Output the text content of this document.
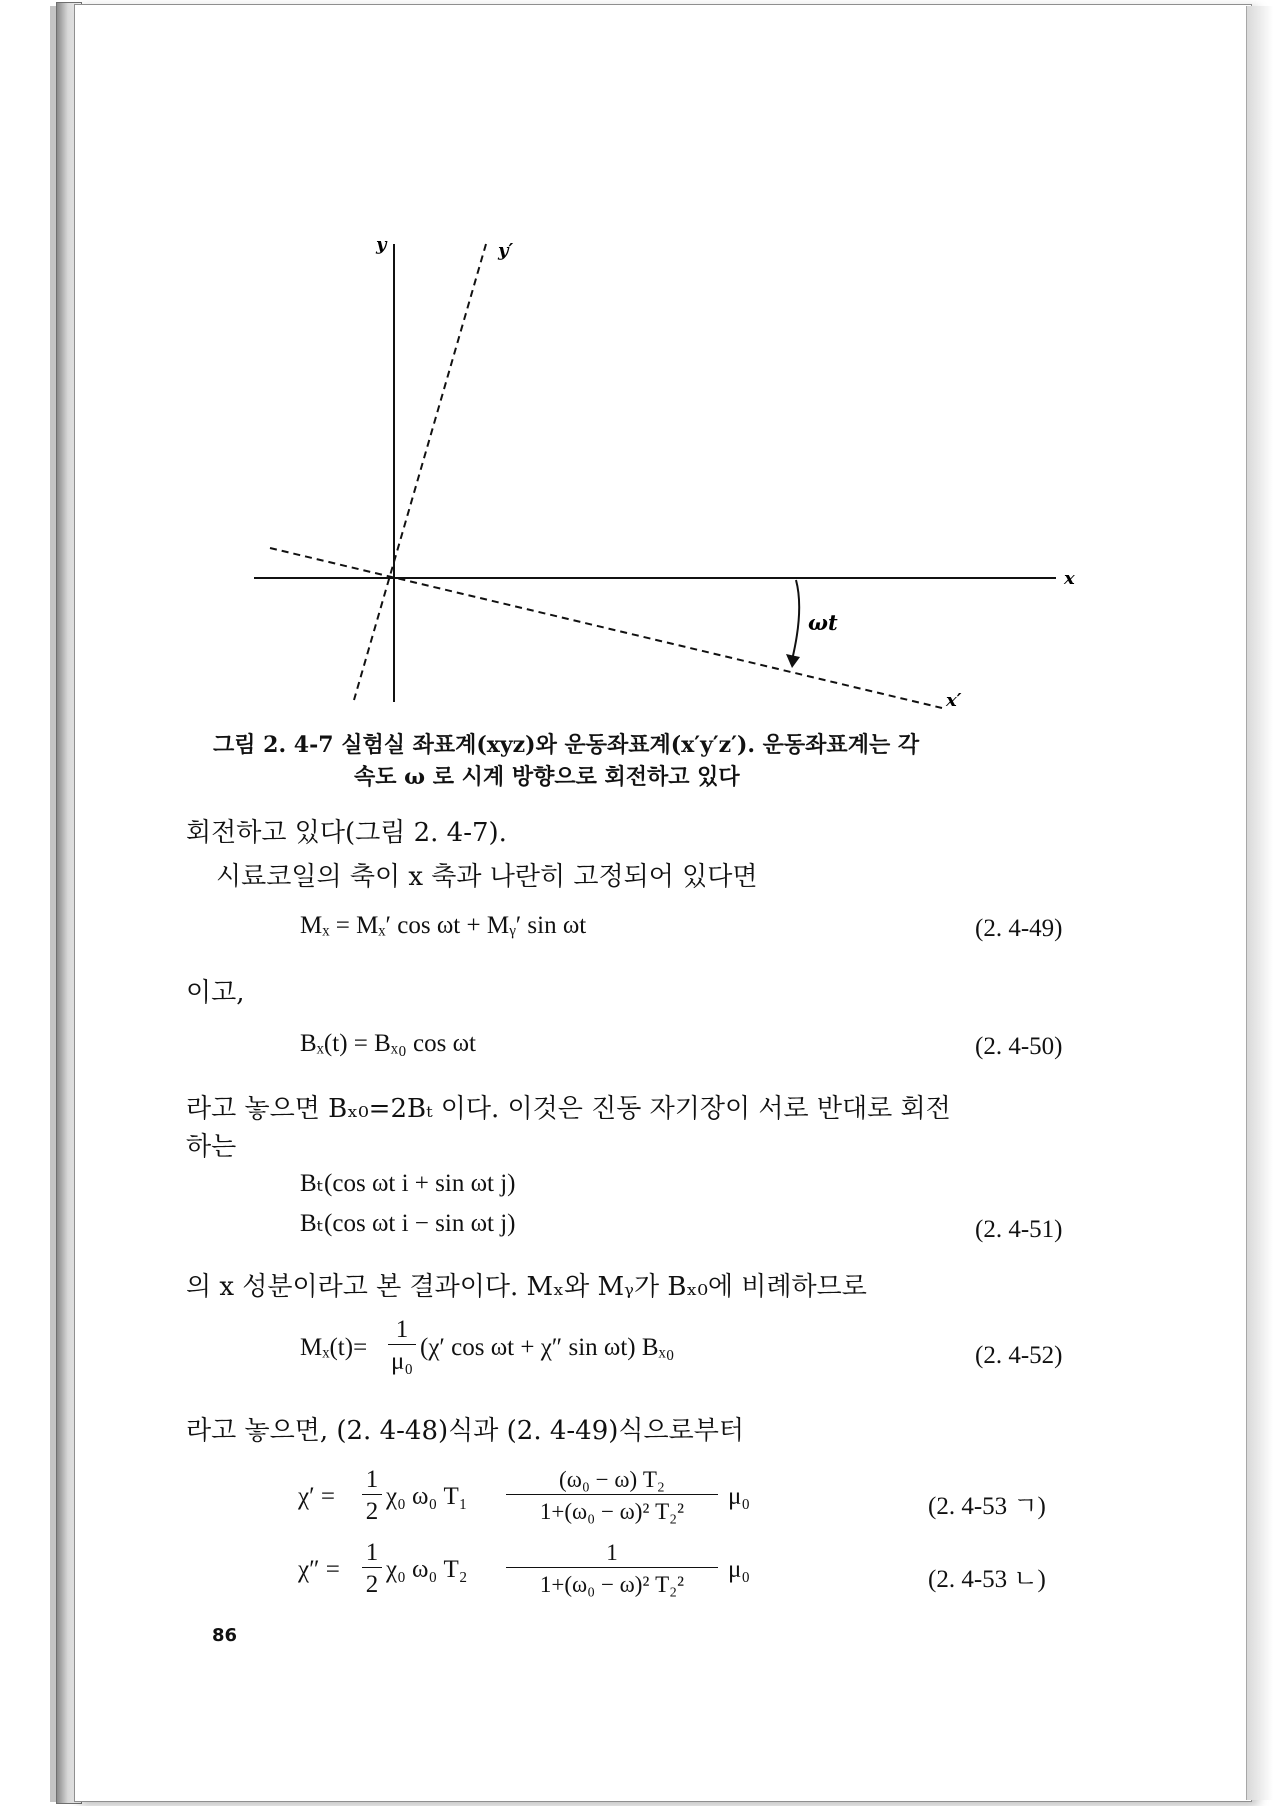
y	y′
x
x′
ωt
그림 2. 4-7 실험실 좌표계(xyz)와 운동좌표계(x′y′z′). 운동좌표계는 각
속도 ω 로 시계 방향으로 회전하고 있다
회전하고 있다(그림 2. 4-7).
시료코일의 축이 x 축과 나란히 고정되어 있다면
Mₓ = Mₓ′ cos ωt + Mᵧ′ sin ωt	(2. 4-49)
이고,
Bₓ(t) = Bₓ₀ cos ωt	(2. 4-50)
라고 놓으면 Bₓ₀=2Bₜ 이다. 이것은 진동 자기장이 서로 반대로 회전
하는
Bₜ(cos ωt i + sin ωt j)
Bₜ(cos ωt i − sin ωt j)	(2. 4-51)
의 x 성분이라고 본 결과이다. Mₓ와 Mᵧ가 Bₓ₀에 비례하므로
Mₓ(t)=
1
μ₀
(χ′ cos ωt + χ″ sin ωt) Bₓ₀	(2. 4-52)
라고 놓으면, (2. 4-48)식과 (2. 4-49)식으로부터
χ′ =
1
2
χ₀ ω₀ T₁
(ω₀ − ω) T₂
1+(ω₀ − ω)² T₂²
μ₀	(2. 4-53 ㄱ)
χ″ =
1
2
χ₀ ω₀ T₂
1
1+(ω₀ − ω)² T₂²
μ₀	(2. 4-53 ㄴ)
86
